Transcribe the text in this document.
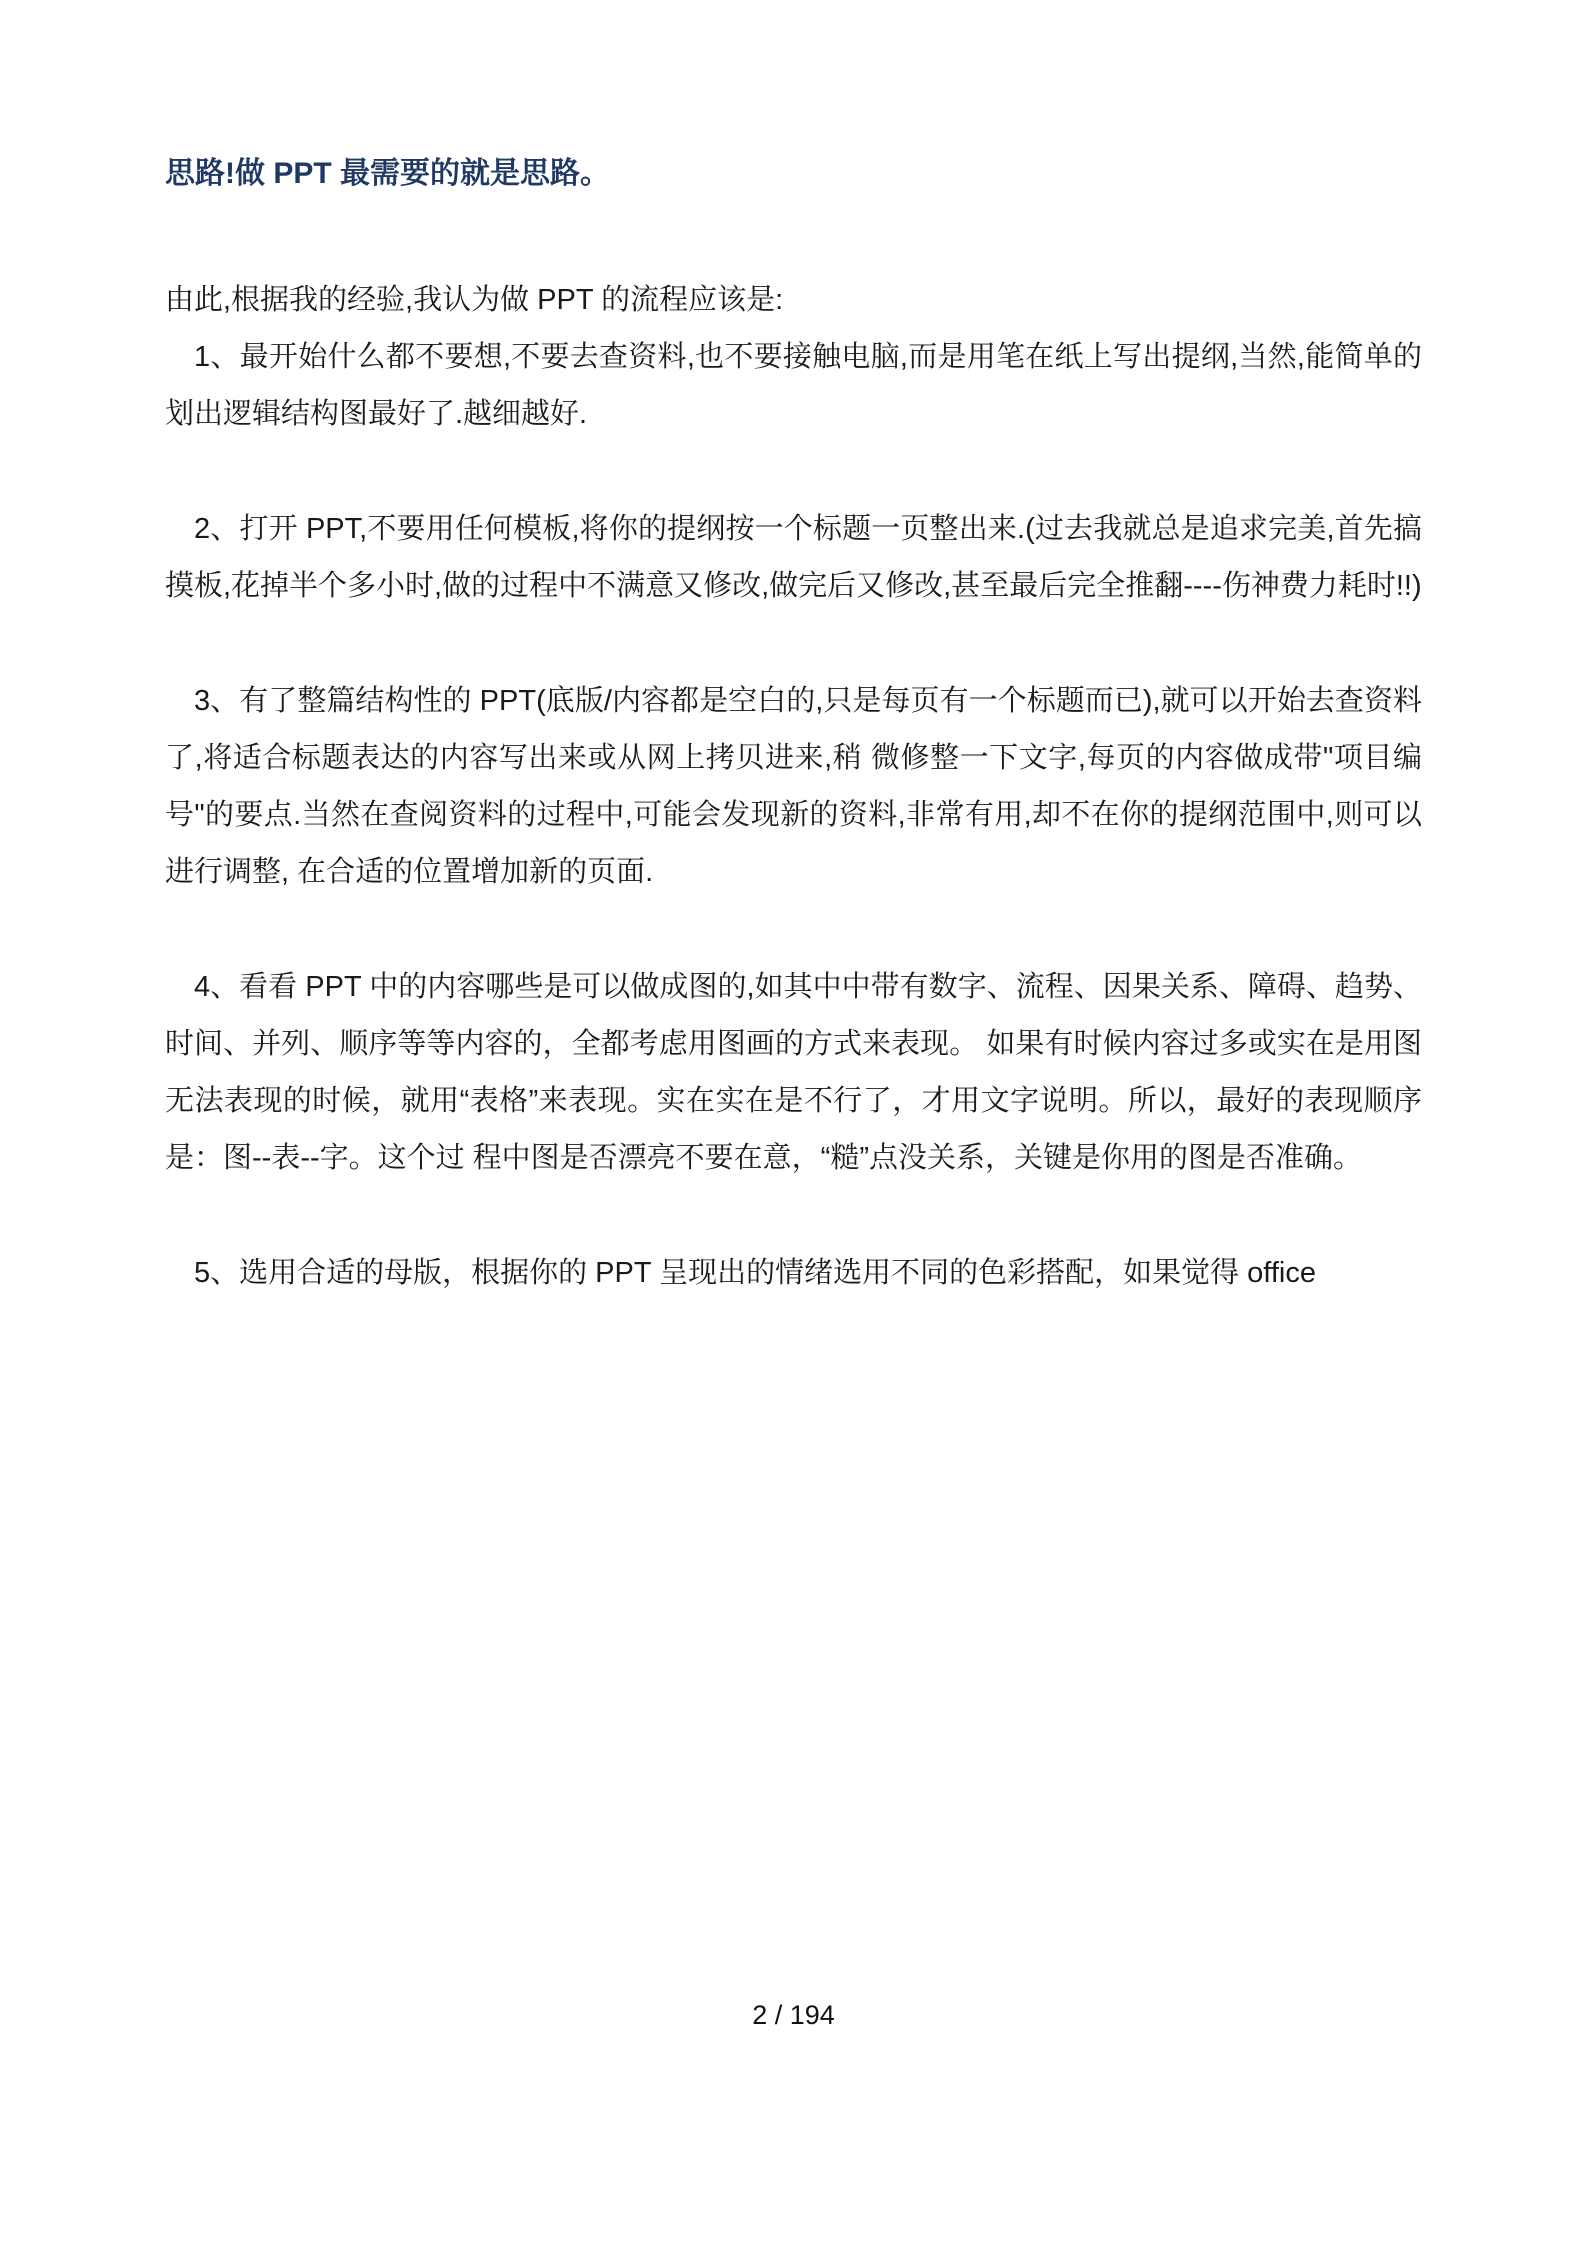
思路!做 PPT 最需要的就是思路。

由此,根据我的经验,我认为做 PPT 的流程应该是:

1、最开始什么都不要想,不要去查资料,也不要接触电脑,而是用笔在纸上写出提纲,当然,能简单的划出逻辑结构图最好了.越细越好.

2、打开 PPT,不要用任何模板,将你的提纲按一个标题一页整出来.(过去我就总是追求完美,首先搞摸板,花掉半个多小时,做的过程中不满意又修改,做完后又修改,甚至最后完全推翻----伤神费力耗时!!)

3、有了整篇结构性的 PPT(底版/内容都是空白的,只是每页有一个标题而已),就可以开始去查资料了,将适合标题表达的内容写出来或从网上拷贝进来,稍 微修整一下文字,每页的内容做成带"项目编号"的要点.当然在查阅资料的过程中,可能会发现新的资料,非常有用,却不在你的提纲范围中,则可以进行调整, 在合适的位置增加新的页面.

4、看看 PPT 中的内容哪些是可以做成图的,如其中中带有数字、流程、因果关系、障碍、趋势、时间、并列、顺序等等内容的，全都考虑用图画的方式来表现。 如果有时候内容过多或实在是用图无法表现的时候，就用“表格”来表现。实在实在是不行了，才用文字说明。所以，最好的表现顺序是：图--表--字。这个过 程中图是否漂亮不要在意，“糙”点没关系，关键是你用的图是否准确。

5、选用合适的母版，根据你的 PPT 呈现出的情绪选用不同的色彩搭配，如果觉得 office

2 / 194
